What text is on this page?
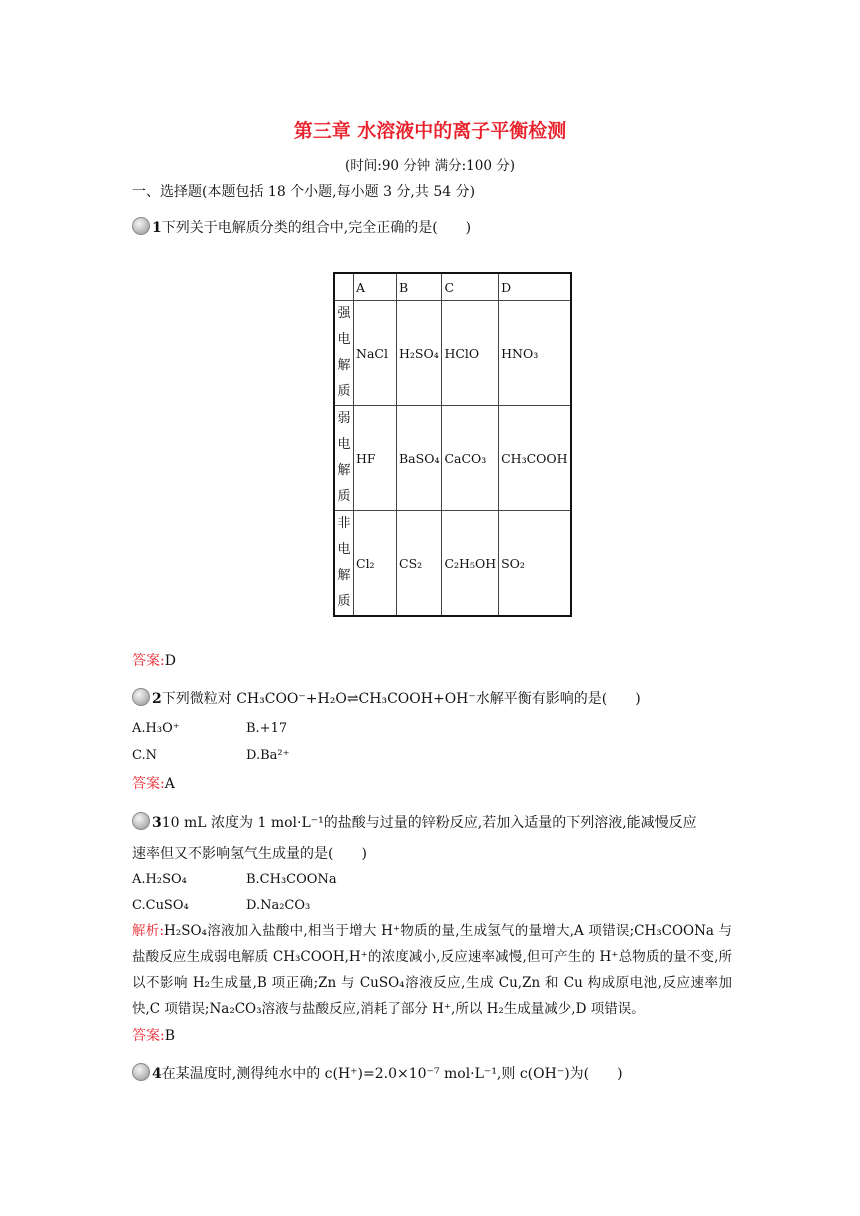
第三章 水溶液中的离子平衡检测
(时间:90 分钟 满分:100 分)
一、选择题(本题包括 18 个小题,每小题 3 分,共 54 分)
1下列关于电解质分类的组合中,完全正确的是(　　)
	A	B	C	D
强电解质	NaCl	H₂SO₄	HClO	HNO₃
弱电解质	HF	BaSO₄	CaCO₃	CH₃COOH
非电解质	Cl₂	CS₂	C₂H₅OH	SO₂
答案:D
2下列微粒对 CH₃COO⁻+H₂O⇌CH₃COOH+OH⁻水解平衡有影响的是(　　)
A.H₃O⁺	B.+17
C.N	D.Ba²⁺
答案:A
310 mL 浓度为 1 mol·L⁻¹的盐酸与过量的锌粉反应,若加入适量的下列溶液,能减慢反应
速率但又不影响氢气生成量的是(　　)
A.H₂SO₄	B.CH₃COONa
C.CuSO₄	D.Na₂CO₃
解析:H₂SO₄溶液加入盐酸中,相当于增大 H⁺物质的量,生成氢气的量增大,A 项错误;CH₃COONa 与盐酸反应生成弱电解质 CH₃COOH,H⁺的浓度减小,反应速率减慢,但可产生的 H⁺总物质的量不变,所以不影响 H₂生成量,B 项正确;Zn 与 CuSO₄溶液反应,生成 Cu,Zn 和 Cu 构成原电池,反应速率加快,C 项错误;Na₂CO₃溶液与盐酸反应,消耗了部分 H⁺,所以 H₂生成量减少,D 项错误。
答案:B
4在某温度时,测得纯水中的 c(H⁺)=2.0×10⁻⁷ mol·L⁻¹,则 c(OH⁻)为(　　)
